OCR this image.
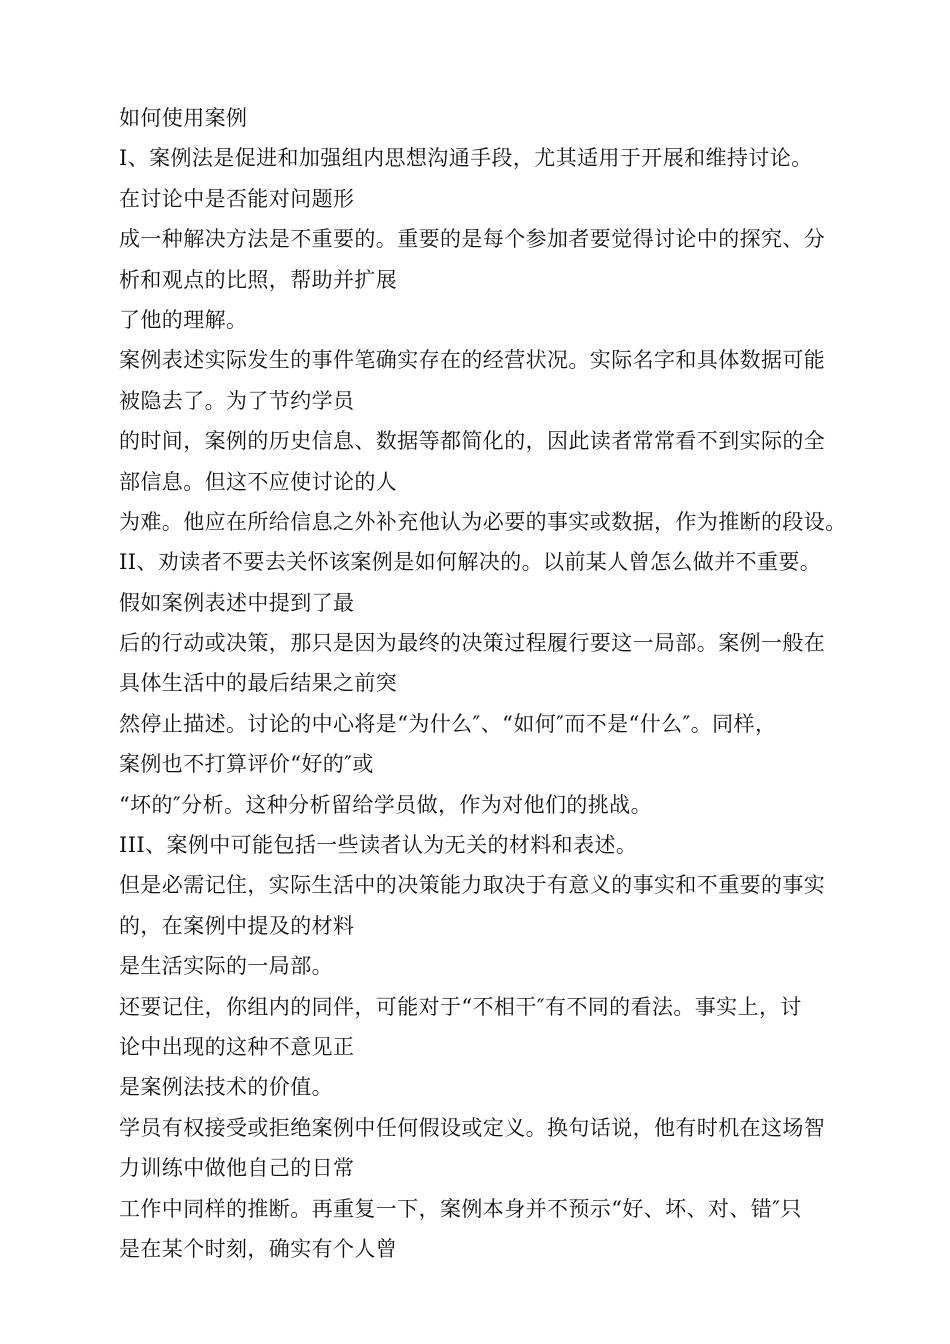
如何使用案例
I、案例法是促进和加强组内思想沟通手段，尤其适用于开展和维持讨论。
在讨论中是否能对问题形
成一种解决方法是不重要的。重要的是每个参加者要觉得讨论中的探究、分
析和观点的比照，帮助并扩展
了他的理解。
案例表述实际发生的事件笔确实存在的经营状况。实际名字和具体数据可能
被隐去了。为了节约学员
的时间，案例的历史信息、数据等都简化的，因此读者常常看不到实际的全
部信息。但这不应使讨论的人
为难。他应在所给信息之外补充他认为必要的事实或数据，作为推断的段设。
II、劝读者不要去关怀该案例是如何解决的。以前某人曾怎么做并不重要。
假如案例表述中提到了最
后的行动或决策，那只是因为最终的决策过程履行要这一局部。案例一般在
具体生活中的最后结果之前突
然停止描述。讨论的中心将是“为什么″、“如何″而不是“什么″。同样，
案例也不打算评价“好的″或
“坏的″分析。这种分析留给学员做，作为对他们的挑战。
III、案例中可能包括一些读者认为无关的材料和表述。
但是必需记住，实际生活中的决策能力取决于有意义的事实和不重要的事实
的，在案例中提及的材料
是生活实际的一局部。
还要记住，你组内的同伴，可能对于“不相干″有不同的看法。事实上，讨
论中出现的这种不意见正
是案例法技术的价值。
学员有权接受或拒绝案例中任何假设或定义。换句话说，他有时机在这场智
力训练中做他自己的日常
工作中同样的推断。再重复一下，案例本身并不预示“好、坏、对、错″只
是在某个时刻，确实有个人曾
